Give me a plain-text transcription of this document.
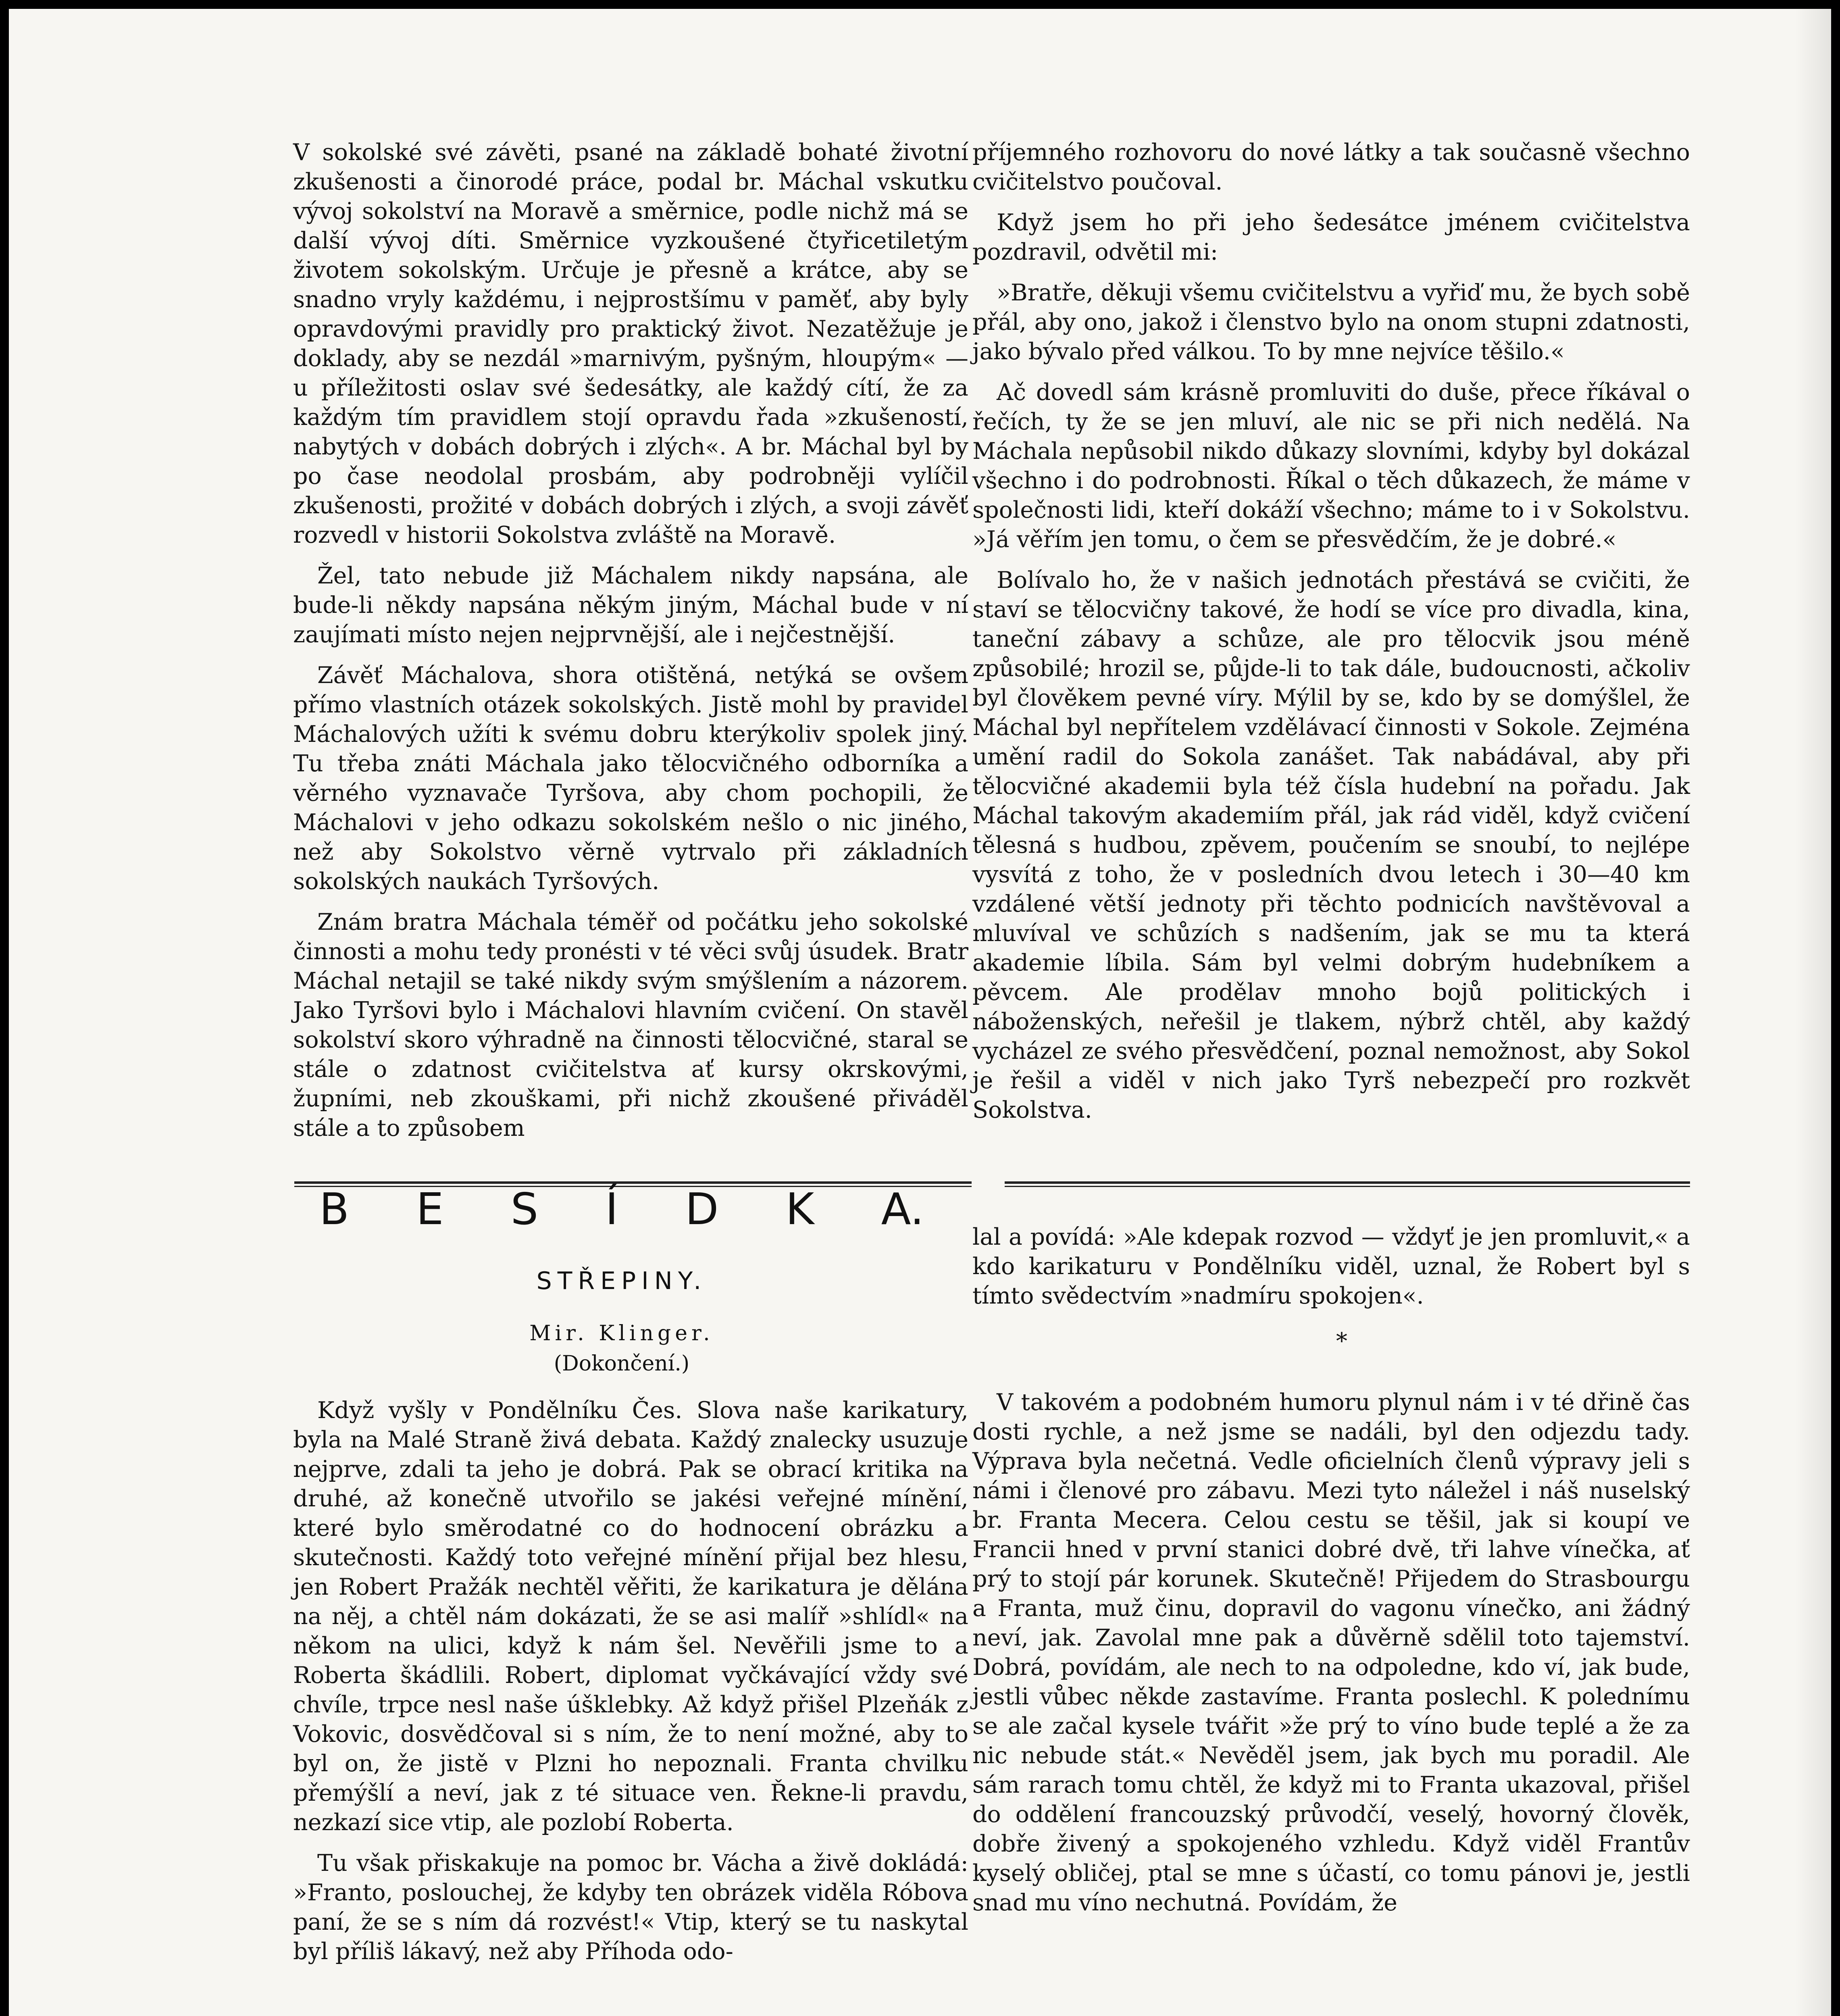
V sokolské své závěti, psané na základě bohaté životní zkušenosti a činorodé práce, podal br. Máchal vskutku vývoj sokolství na Moravě a směrnice, podle nichž má se další vývoj díti. Směrnice vyzkoušené čtyřicetiletým životem sokolským. Určuje je přesně a krátce, aby se snadno vryly každému, i nejprostšímu v paměť, aby byly opravdovými pravidly pro praktický život. Nezatěžuje je doklady, aby se nezdál »marnivým, pyšným, hloupým« — u příležitosti oslav své šedesátky, ale každý cítí, že za každým tím pravidlem stojí opravdu řada »zkušeností, nabytých v dobách dobrých i zlých«. A br. Máchal byl by po čase neodolal prosbám, aby podrobněji vylíčil zkušenosti, prožité v dobách dobrých i zlých, a svoji závěť rozvedl v historii Sokolstva zvláště na Moravě.

Žel, tato nebude již Máchalem nikdy napsána, ale bude-li někdy napsána někým jiným, Máchal bude v ní zaujímati místo nejen nejprvnější, ale i nejčestnější.

Závěť Máchalova, shora otištěná, netýká se ovšem přímo vlastních otázek sokolských. Jistě mohl by pravidel Máchalových užíti k svému dobru kterýkoliv spolek jiný. Tu třeba znáti Máchala jako tělocvičného odborníka a věrného vyznavače Tyršova, aby chom pochopili, že Máchalovi v jeho odkazu sokolském nešlo o nic jiného, než aby Sokolstvo věrně vytrvalo při základních sokolských naukách Tyršových.

Znám bratra Máchala téměř od počátku jeho sokolské činnosti a mohu tedy pronésti v té věci svůj úsudek. Bratr Máchal netajil se také nikdy svým smýšlením a názorem. Jako Tyršovi bylo i Máchalovi hlavním cvičení. On stavěl sokolství skoro výhradně na činnosti tělocvičné, staral se stále o zdatnost cvičitelstva ať kursy okrskovými, župními, neb zkouškami, při nichž zkoušené přiváděl stále a to způsobem

příjemného rozhovoru do nové látky a tak současně všechno cvičitelstvo poučoval.

Když jsem ho při jeho šedesátce jménem cvičitelstva pozdravil, odvětil mi:

»Bratře, děkuji všemu cvičitelstvu a vyřiď mu, že bych sobě přál, aby ono, jakož i členstvo bylo na onom stupni zdatnosti, jako bývalo před válkou. To by mne nejvíce těšilo.«

Ač dovedl sám krásně promluviti do duše, přece říkával o řečích, ty že se jen mluví, ale nic se při nich nedělá. Na Máchala nepůsobil nikdo důkazy slovními, kdyby byl dokázal všechno i do podrobnosti. Říkal o těch důkazech, že máme v společnosti lidi, kteří dokáží všechno; máme to i v Sokolstvu. »Já věřím jen tomu, o čem se přesvědčím, že je dobré.«

Bolívalo ho, že v našich jednotách přestává se cvičiti, že staví se tělocvičny takové, že hodí se více pro divadla, kina, taneční zábavy a schůze, ale pro tělocvik jsou méně způsobilé; hrozil se, půjde-li to tak dále, budoucnosti, ačkoliv byl člověkem pevné víry. Mýlil by se, kdo by se domýšlel, že Máchal byl nepřítelem vzdělávací činnosti v Sokole. Zejména umění radil do Sokola zanášet. Tak nabádával, aby při tělocvičné akademii byla též čísla hudební na pořadu. Jak Máchal takovým akademiím přál, jak rád viděl, když cvičení tělesná s hudbou, zpěvem, poučením se snoubí, to nejlépe vysvítá z toho, že v posledních dvou letech i 30—40 km vzdálené větší jednoty při těchto podnicích navštěvoval a mluvíval ve schůzích s nadšením, jak se mu ta která akademie líbila. Sám byl velmi dobrým hudebníkem a pěvcem. Ale prodělav mnoho bojů politických i náboženských, neřešil je tlakem, nýbrž chtěl, aby každý vycházel ze svého přesvědčení, poznal nemožnost, aby Sokol je řešil a viděl v nich jako Tyrš nebezpečí pro rozkvět Sokolstva.

B E S Í D K A.
STŘEPINY.
Mir. Klinger.
(Dokončení.)

Když vyšly v Pondělníku Čes. Slova naše karikatury, byla na Malé Straně živá debata. Každý znalecky usuzuje nejprve, zdali ta jeho je dobrá. Pak se obrací kritika na druhé, až konečně utvořilo se jakési veřejné mínění, které bylo směrodatné co do hodnocení obrázku a skutečnosti. Každý toto veřejné mínění přijal bez hlesu, jen Robert Pražák nechtěl věřiti, že karikatura je dělána na něj, a chtěl nám dokázati, že se asi malíř »shlídl« na někom na ulici, když k nám šel. Nevěřili jsme to a Roberta škádlili. Robert, diplomat vyčkávající vždy své chvíle, trpce nesl naše úšklebky. Až když přišel Plzeňák z Vokovic, dosvědčoval si s ním, že to není možné, aby to byl on, že jistě v Plzni ho nepoznali. Franta chvilku přemýšlí a neví, jak z té situace ven. Řekne-li pravdu, nezkazí sice vtip, ale pozlobí Roberta.

Tu však přiskakuje na pomoc br. Vácha a živě dokládá: »Franto, poslouchej, že kdyby ten obrázek viděla Róbova paní, že se s ním dá rozvést!« Vtip, který se tu naskytal byl příliš lákavý, než aby Příhoda odo-

lal a povídá: »Ale kdepak rozvod — vždyť je jen promluvit,« a kdo karikaturu v Pondělníku viděl, uznal, že Robert byl s tímto svědectvím »nadmíru spokojen«.

*

V takovém a podobném humoru plynul nám i v té dřině čas dosti rychle, a než jsme se nadáli, byl den odjezdu tady. Výprava byla nečetná. Vedle oficielních členů výpravy jeli s námi i členové pro zábavu. Mezi tyto náležel i náš nuselský br. Franta Mecera. Celou cestu se těšil, jak si koupí ve Francii hned v první stanici dobré dvě, tři lahve vínečka, ať prý to stojí pár korunek. Skutečně! Přijedem do Strasbourgu a Franta, muž činu, dopravil do vagonu vínečko, ani žádný neví, jak. Zavolal mne pak a důvěrně sdělil toto tajemství. Dobrá, povídám, ale nech to na odpoledne, kdo ví, jak bude, jestli vůbec někde zastavíme. Franta poslechl. K polednímu se ale začal kysele tvářit »že prý to víno bude teplé a že za nic nebude stát.« Nevěděl jsem, jak bych mu poradil. Ale sám rarach tomu chtěl, že když mi to Franta ukazoval, přišel do oddělení francouzský průvodčí, veselý, hovorný člověk, dobře živený a spokojeného vzhledu. Když viděl Frantův kyselý obličej, ptal se mne s účastí, co tomu pánovi je, jestli snad mu víno nechutná. Povídám, že
